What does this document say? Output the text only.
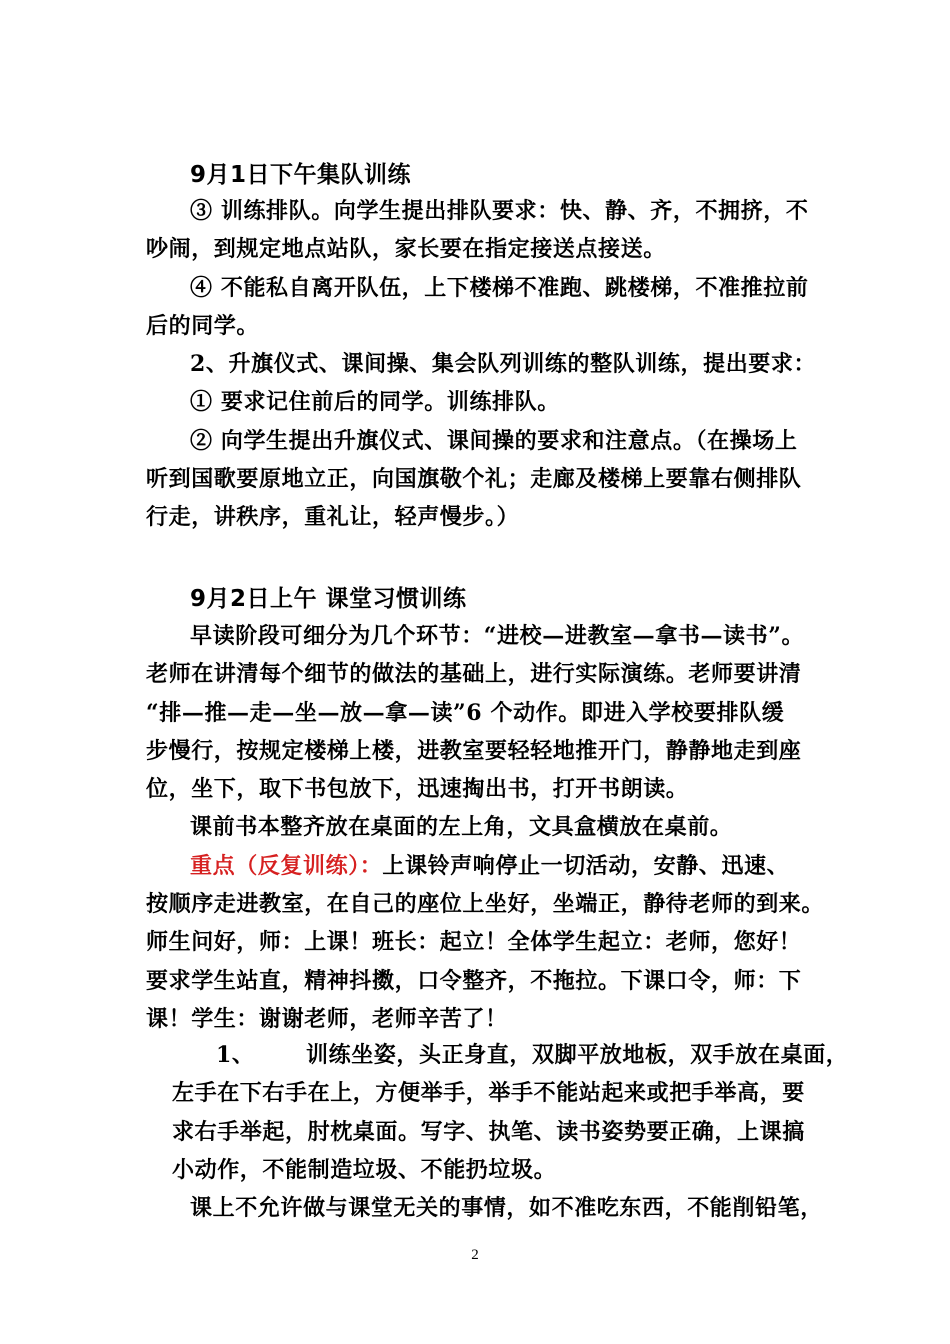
9月1日下午集队训练
③ 训练排队。向学生提出排队要求：快、静、齐，不拥挤，不
吵闹，到规定地点站队，家长要在指定接送点接送。
④ 不能私自离开队伍，上下楼梯不准跑、跳楼梯，不准推拉前
后的同学。
2、升旗仪式、课间操、集会队列训练的整队训练，提出要求：
① 要求记住前后的同学。训练排队。
② 向学生提出升旗仪式、课间操的要求和注意点。（在操场上
听到国歌要原地立正，向国旗敬个礼；走廊及楼梯上要靠右侧排队
行走，讲秩序，重礼让，轻声慢步。）
9月2日上午 课堂习惯训练
早读阶段可细分为几个环节：“进校—进教室—拿书—读书”。
老师在讲清每个细节的做法的基础上，进行实际演练。老师要讲清
“排—推—走—坐—放—拿—读”6 个动作。即进入学校要排队缓
步慢行，按规定楼梯上楼，进教室要轻轻地推开门，静静地走到座
位，坐下，取下书包放下，迅速掏出书，打开书朗读。
课前书本整齐放在桌面的左上角，文具盒横放在桌前。
重点（反复训练）：上课铃声响停止一切活动，安静、迅速、
按顺序走进教室，在自己的座位上坐好，坐端正，静待老师的到来。
师生问好，师：上课！班长：起立！全体学生起立：老师，您好！
要求学生站直，精神抖擞，口令整齐，不拖拉。下课口令，师：下
课！学生：谢谢老师，老师辛苦了！
1、 训练坐姿，头正身直，双脚平放地板，双手放在桌面，
左手在下右手在上，方便举手，举手不能站起来或把手举高，要
求右手举起，肘枕桌面。写字、执笔、读书姿势要正确，上课搞
小动作，不能制造垃圾、不能扔垃圾。
课上不允许做与课堂无关的事情，如不准吃东西，不能削铅笔，
2
